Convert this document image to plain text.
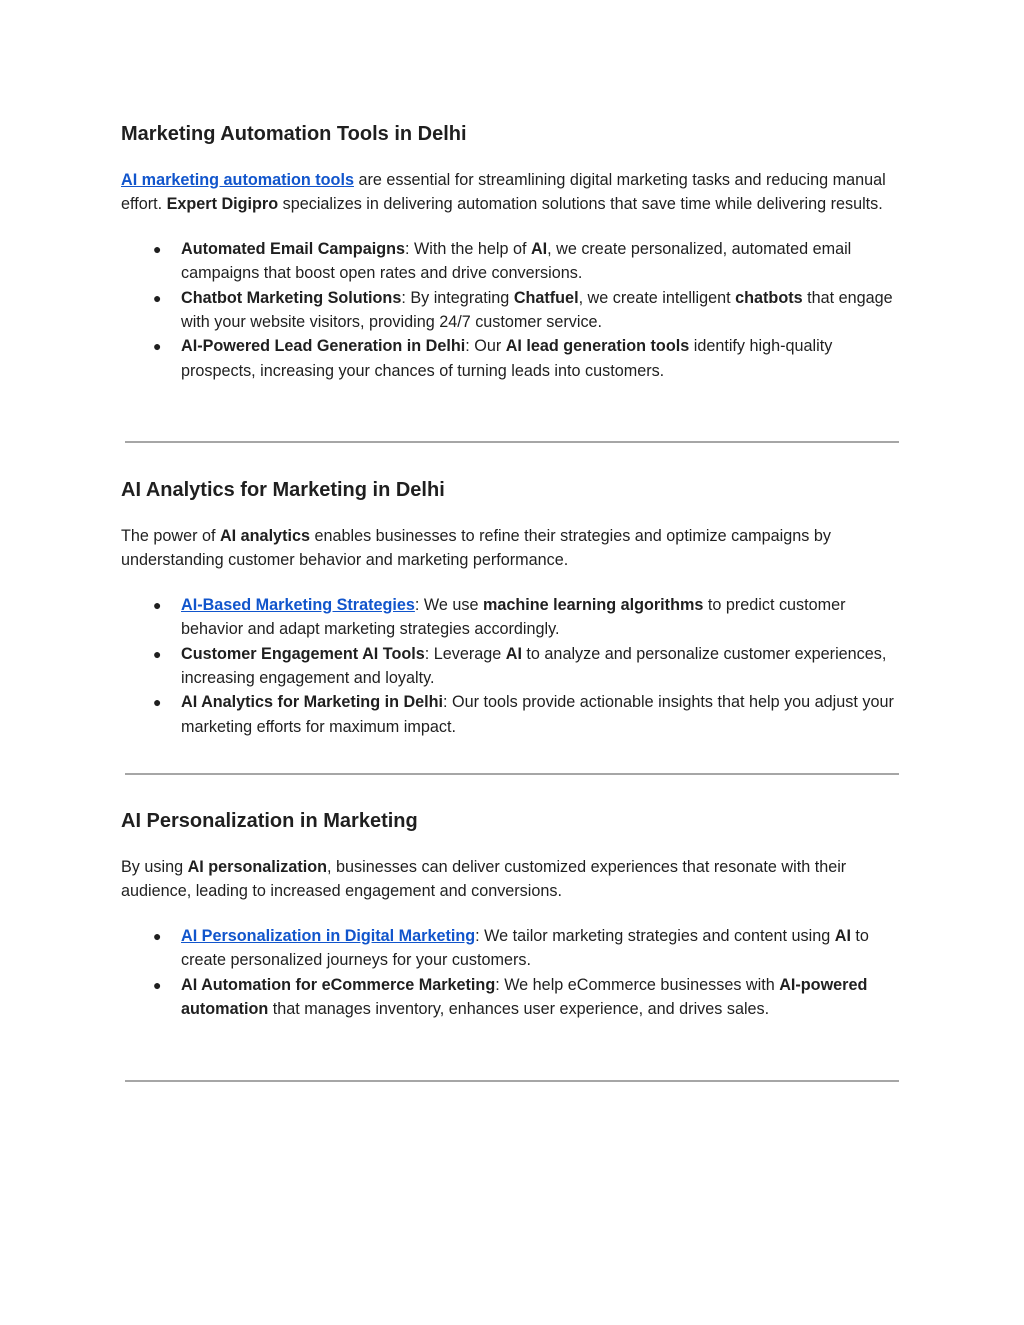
Marketing Automation Tools in Delhi

AI marketing automation tools are essential for streamlining digital marketing tasks and reducing manual effort. Expert Digipro specializes in delivering automation solutions that save time while delivering results.

● Automated Email Campaigns: With the help of AI, we create personalized, automated email campaigns that boost open rates and drive conversions.
● Chatbot Marketing Solutions: By integrating Chatfuel, we create intelligent chatbots that engage with your website visitors, providing 24/7 customer service.
● AI-Powered Lead Generation in Delhi: Our AI lead generation tools identify high-quality prospects, increasing your chances of turning leads into customers.
AI Analytics for Marketing in Delhi

The power of AI analytics enables businesses to refine their strategies and optimize campaigns by understanding customer behavior and marketing performance.

● AI-Based Marketing Strategies: We use machine learning algorithms to predict customer behavior and adapt marketing strategies accordingly.
● Customer Engagement AI Tools: Leverage AI to analyze and personalize customer experiences, increasing engagement and loyalty.
● AI Analytics for Marketing in Delhi: Our tools provide actionable insights that help you adjust your marketing efforts for maximum impact.
AI Personalization in Marketing

By using AI personalization, businesses can deliver customized experiences that resonate with their audience, leading to increased engagement and conversions.

● AI Personalization in Digital Marketing: We tailor marketing strategies and content using AI to create personalized journeys for your customers.
● AI Automation for eCommerce Marketing: We help eCommerce businesses with AI-powered automation that manages inventory, enhances user experience, and drives sales.
